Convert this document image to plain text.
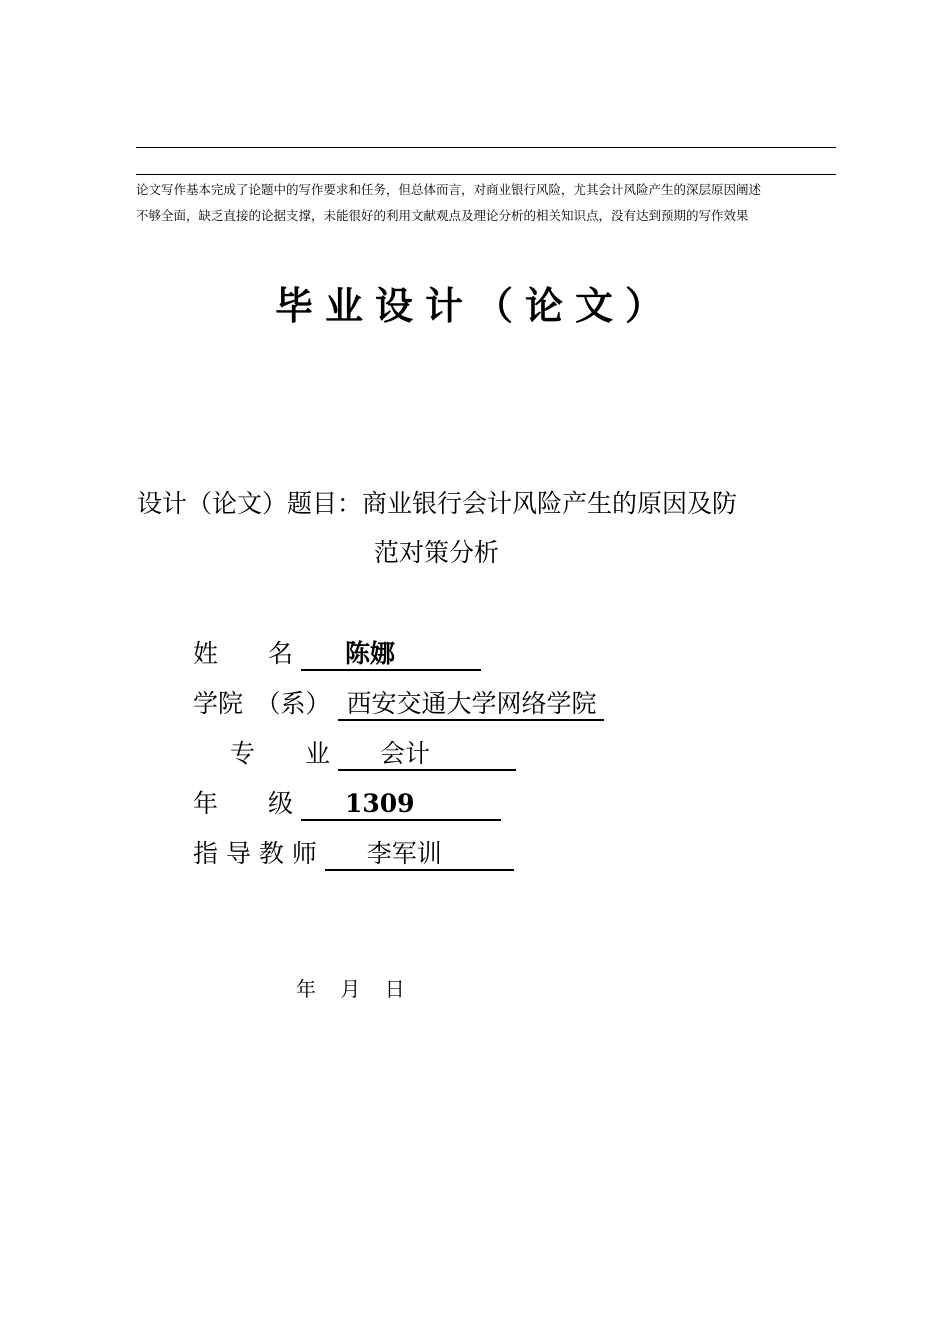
论文写作基本完成了论题中的写作要求和任务，但总体而言，对商业银行风险，尤其会计风险产生的深层原因阐述
不够全面，缺乏直接的论据支撑，未能很好的利用文献观点及理论分析的相关知识点，没有达到预期的写作效果
毕业设计（论文）
设计（论文）题目：商业银行会计风险产生的原因及防
范对策分析
姓　　名 陈娜
学院　（系） 西安交通大学网络学院
专　　业 会计
年　　级 1309
指 导 教 师 李军训
年 月 日
